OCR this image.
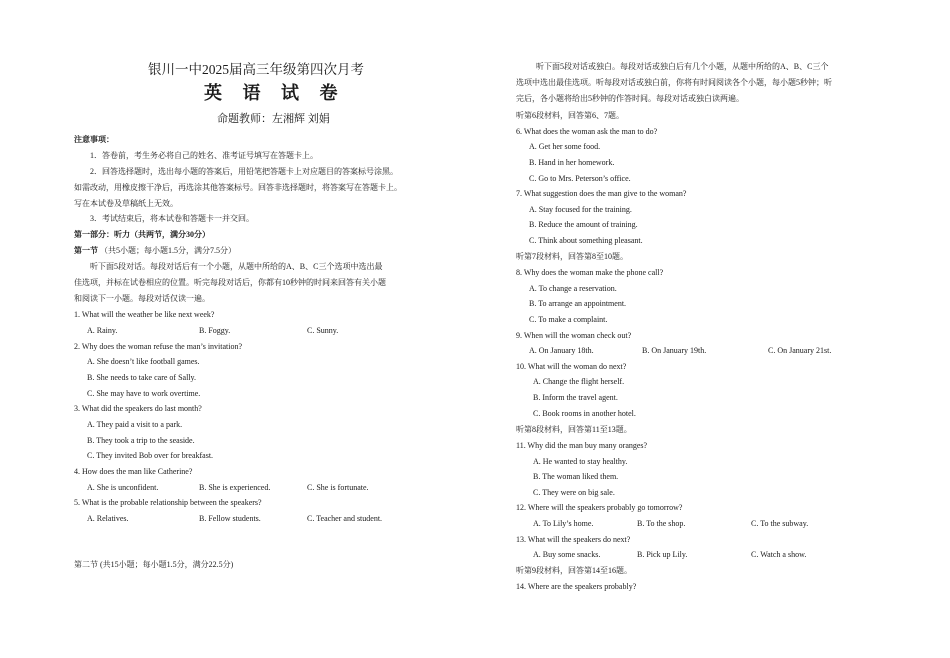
银川一中2025届高三年级第四次月考
英 语 试 卷
命题教师：左湘辉 刘娟
注意事项：
1．答卷前，考生务必将自己的姓名、准考证号填写在答题卡上。
2．回答选择题时，选出每小题的答案后，用铅笔把答题卡上对应题目的答案标号涂黑。
如需改动，用橡皮擦干净后，再选涂其他答案标号。回答非选择题时，将答案写在答题卡上。
写在本试卷及草稿纸上无效。
3．考试结束后，将本试卷和答题卡一并交回。
第一部分：听力（共两节，满分30分）
第一节 （共5小题；每小题1.5分，满分7.5分）
听下面5段对话。每段对话后有一个小题，从题中所给的A、B、C三个选项中选出最
佳选项，并标在试卷相应的位置。听完每段对话后，你都有10秒钟的时间来回答有关小题
和阅读下一小题。每段对话仅读一遍。
1. What will the weather be like next week?
A. Rainy.	B. Foggy.	C. Sunny.
2. Why does the woman refuse the man’s invitation?
A. She doesn’t like football games.
B. She needs to take care of Sally.
C. She may have to work overtime.
3. What did the speakers do last month?
A. They paid a visit to a park.
B. They took a trip to the seaside.
C. They invited Bob over for breakfast.
4. How does the man like Catherine?
A. She is unconfident.	B. She is experienced.	C. She is fortunate.
5. What is the probable relationship between the speakers?
A. Relatives.	B. Fellow students.	C. Teacher and student.
第二节 (共15小题；每小题1.5分，满分22.5分)
听下面5段对话或独白。每段对话或独白后有几个小题，从题中所给的A、B、C三个
选项中选出最佳选项。听每段对话或独白前，你将有时间阅读各个小题，每小题5秒钟；听
完后，各小题将给出5秒钟的作答时间。每段对话或独白读两遍。
听第6段材料，回答第6、7题。
6. What does the woman ask the man to do?
A. Get her some food.
B. Hand in her homework.
C. Go to Mrs. Peterson’s office.
7. What suggestion does the man give to the woman?
A. Stay focused for the training.
B. Reduce the amount of training.
C. Think about something pleasant.
听第7段材料，回答第8至10题。
8. Why does the woman make the phone call?
A. To change a reservation.
B. To arrange an appointment.
C. To make a complaint.
9. When will the woman check out?
A. On January 18th.	B. On January 19th.	C. On January 21st.
10. What will the woman do next?
A. Change the flight herself.
B. Inform the travel agent.
C. Book rooms in another hotel.
听第8段材料，回答第11至13题。
11. Why did the man buy many oranges?
A. He wanted to stay healthy.
B. The woman liked them.
C. They were on big sale.
12. Where will the speakers probably go tomorrow?
A. To Lily’s home.	B. To the shop.	C. To the subway.
13. What will the speakers do next?
A. Buy some snacks.	B. Pick up Lily.	C. Watch a show.
听第9段材料，回答第14至16题。
14. Where are the speakers probably?
